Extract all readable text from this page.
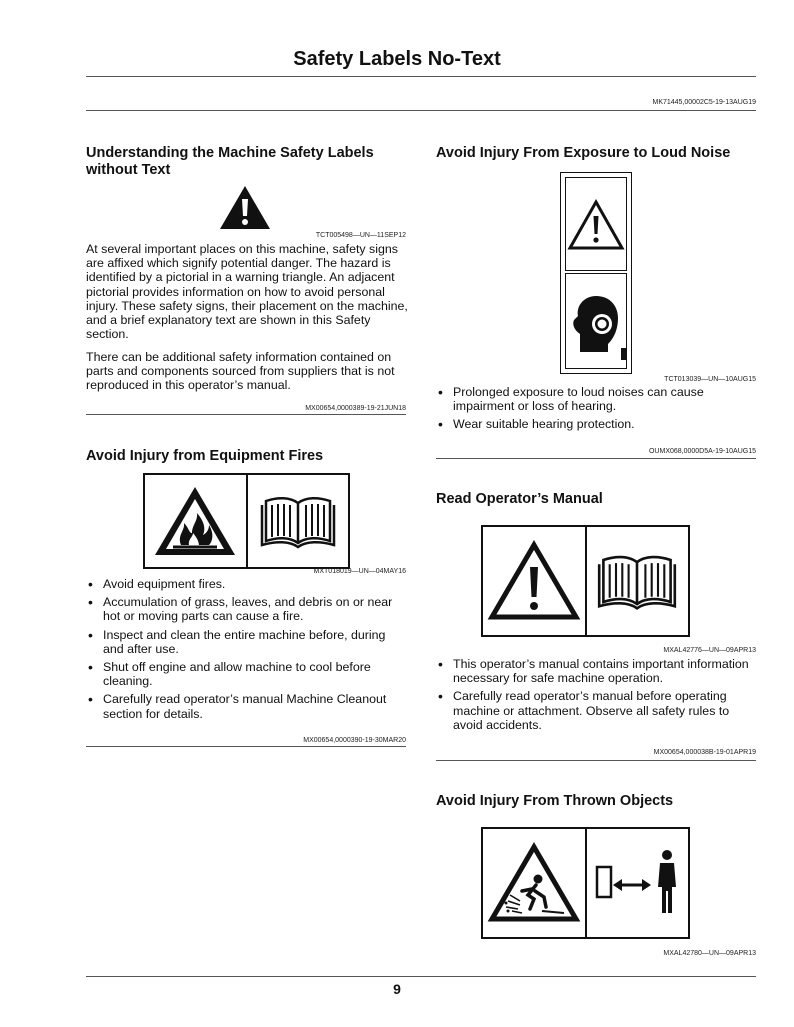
Safety Labels No-Text
MK71445,00002C5-19-13AUG19
Understanding the Machine Safety Labels without Text
TCT005498—UN—11SEP12
At several important places on this machine, safety signs are affixed which signify potential danger. The hazard is identified by a pictorial in a warning triangle. An adjacent pictorial provides information on how to avoid personal injury. These safety signs, their placement on the machine, and a brief explanatory text are shown in this Safety section.
There can be additional safety information contained on parts and components sourced from suppliers that is not reproduced in this operator’s manual.
MX00654,0000389-19-21JUN18
Avoid Injury from Equipment Fires
MXT018019—UN—04MAY16
• Avoid equipment fires.
• Accumulation of grass, leaves, and debris on or near hot or moving parts can cause a fire.
• Inspect and clean the entire machine before, during and after use.
• Shut off engine and allow machine to cool before cleaning.
• Carefully read operator’s manual Machine Cleanout section for details.
MX00654,0000390-19-30MAR20
Avoid Injury From Exposure to Loud Noise
TCT013039—UN—10AUG15
• Prolonged exposure to loud noises can cause impairment or loss of hearing.
• Wear suitable hearing protection.
OUMX068,0000D5A-19-10AUG15
Read Operator’s Manual
MXAL42776—UN—09APR13
• This operator’s manual contains important information necessary for safe machine operation.
• Carefully read operator’s manual before operating machine or attachment. Observe all safety rules to avoid accidents.
MX00654,000038B-19-01APR19
Avoid Injury From Thrown Objects
MXAL42780—UN—09APR13
9
